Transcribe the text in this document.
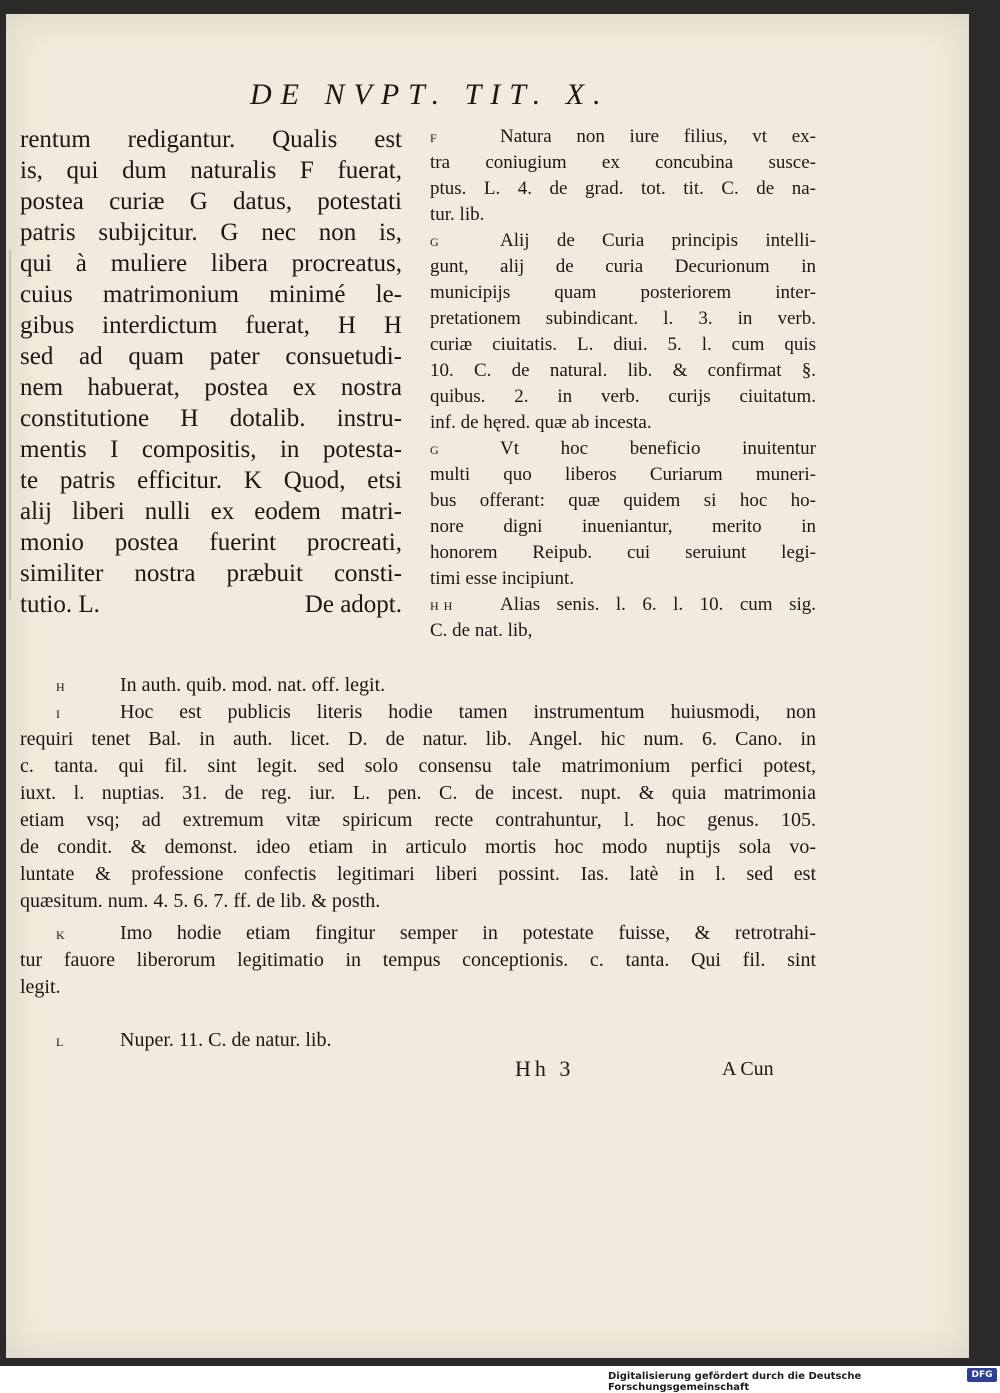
DE NVPT. TIT. X.
rentum redigantur. Qualis est
is, qui dum naturalis F fuerat,
postea curiæ G datus, potestati
patris subijcitur. G nec non is,
qui à muliere libera procreatus,
cuius matrimonium minimé le-
gibus interdictum fuerat, H H
sed ad quam pater consuetudi-
nem habuerat, postea ex nostra
constitutione H dotalib. instru-
mentis I compositis, in potesta-
te patris efficitur. K Quod, etsi
alij liberi nulli ex eodem matri-
monio postea fuerint procreati,
similiter nostra præbuit consti-
tutio. L.	De adopt.
F	Natura non iure filius, vt ex-
tra coniugium ex concubina susce-
ptus. L. 4. de grad. tot. tit. C. de na-
tur. lib.
G	Alij de Curia principis intelli-
gunt, alij de curia Decurionum in
municipijs quam posteriorem inter-
pretationem subindicant. l. 3. in verb.
curiæ ciuitatis. L. diui. 5. l. cum quis
10. C. de natural. lib. & confirmat §.
quibus. 2. in verb. curijs ciuitatum.
inf. de hęred. quæ ab incesta.
G	Vt hoc beneficio inuitentur
multi quo liberos Curiarum muneri-
bus offerant: quæ quidem si hoc ho-
nore digni inueniantur, merito in
honorem Reipub. cui seruiunt legi-
timi esse incipiunt.
H H Alias senis. l. 6. l. 10. cum sig.
C. de nat. lib,
H	In auth. quib. mod. nat. off. legit.
I	Hoc est publicis literis hodie tamen instrumentum huiusmodi, non
requiri tenet Bal. in auth. licet. D. de natur. lib. Angel. hic num. 6. Cano. in
c. tanta. qui fil. sint legit. sed solo consensu tale matrimonium perfici potest,
iuxt. l. nuptias. 31. de reg. iur. L. pen. C. de incest. nupt. & quia matrimonia
etiam vsq; ad extremum vitæ spiricum recte contrahuntur, l. hoc genus. 105.
de condit. & demonst. ideo etiam in articulo mortis hoc modo nuptijs sola vo-
luntate & professione confectis legitimari liberi possint. Ias. latè in l. sed est
quæsitum. num. 4. 5. 6. 7. ff. de lib. & posth.
K	Imo hodie etiam fingitur semper in potestate fuisse, & retrotrahi-
tur fauore liberorum legitimatio in tempus conceptionis. c. tanta. Qui fil. sint
legit.
L	Nuper. 11. C. de natur. lib.
Hh 3	A Cun
Digitalisierung gefördert durch die Deutsche Forschungsgemeinschaft
DFG
